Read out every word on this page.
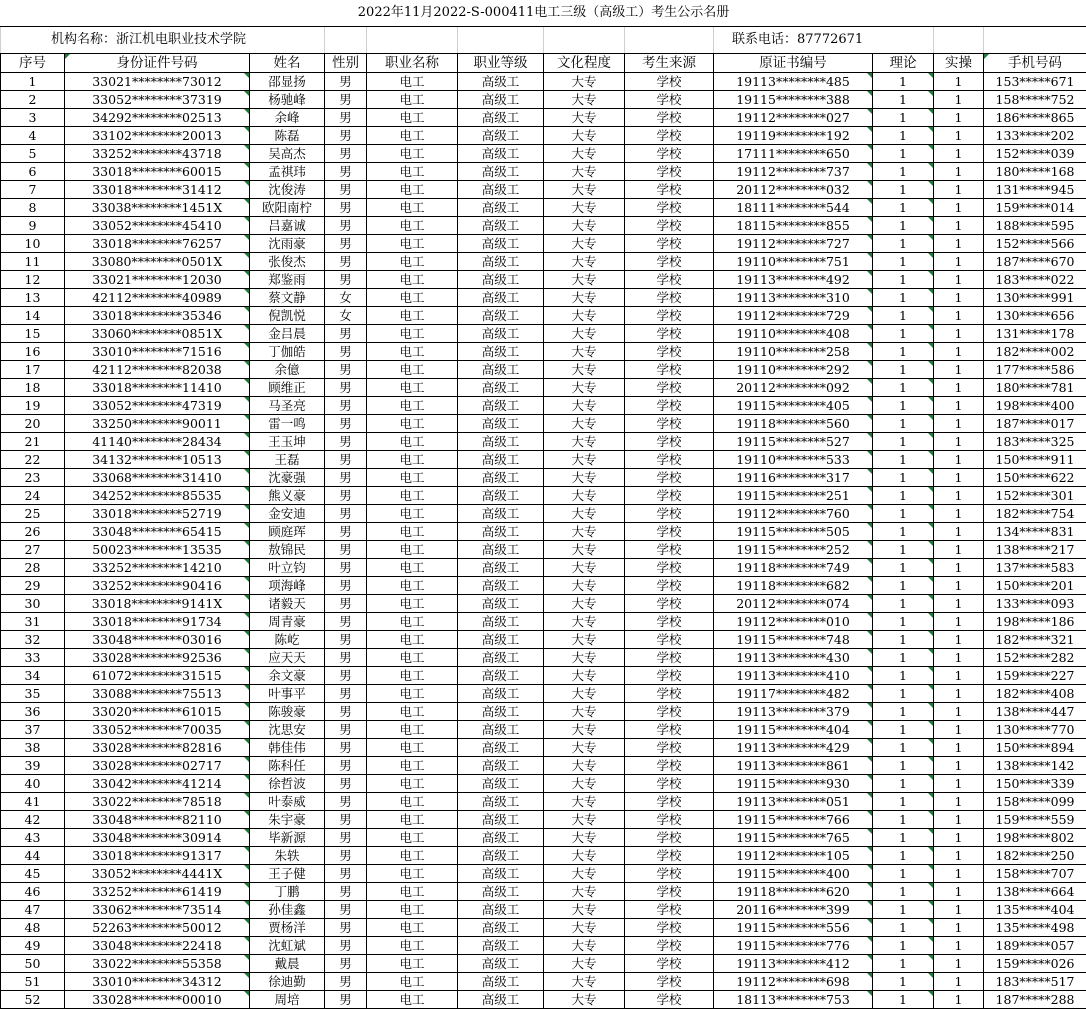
2022年11月2022-S-000411电工三级（高级工）考生公示名册											
机构名称：浙江机电职业技术学院								联系电话：87772671			
序号	身份证件号码	姓名	性别	职业名称	职业等级	文化程度	考生来源	原证书编号	理论	实操	手机号码
1	33021********73012	邵显扬	男	电工	高级工	大专	学校	19113********485	1	1	153*****671
2	33052********37319	杨驰峰	男	电工	高级工	大专	学校	19115********388	1	1	158*****752
3	34292********02513	余峰	男	电工	高级工	大专	学校	19112********027	1	1	186*****865
4	33102********20013	陈磊	男	电工	高级工	大专	学校	19119********192	1	1	133*****202
5	33252********43718	吴高杰	男	电工	高级工	大专	学校	17111********650	1	1	152*****039
6	33018********60015	孟祺玮	男	电工	高级工	大专	学校	19112********737	1	1	180*****168
7	33018********31412	沈俊涛	男	电工	高级工	大专	学校	20112********032	1	1	131*****945
8	33038********1451X	欧阳南柠	男	电工	高级工	大专	学校	18111********544	1	1	159*****014
9	33052********45410	吕嘉诚	男	电工	高级工	大专	学校	18115********855	1	1	188*****595
10	33018********76257	沈雨豪	男	电工	高级工	大专	学校	19112********727	1	1	152*****566
11	33080********0501X	张俊杰	男	电工	高级工	大专	学校	19110********751	1	1	187*****670
12	33021********12030	郑鉴雨	男	电工	高级工	大专	学校	19113********492	1	1	183*****022
13	42112********40989	蔡文静	女	电工	高级工	大专	学校	19113********310	1	1	130*****991
14	33018********35346	倪凯悦	女	电工	高级工	大专	学校	19112********729	1	1	130*****656
15	33060********0851X	金吕晨	男	电工	高级工	大专	学校	19110********408	1	1	131*****178
16	33010********71516	丁伽皓	男	电工	高级工	大专	学校	19110********258	1	1	182*****002
17	42112********82038	余億	男	电工	高级工	大专	学校	19110********292	1	1	177*****586
18	33018********11410	顾维正	男	电工	高级工	大专	学校	20112********092	1	1	180*****781
19	33052********47319	马圣亮	男	电工	高级工	大专	学校	19115********405	1	1	198*****400
20	33250********90011	雷一鸣	男	电工	高级工	大专	学校	19118********560	1	1	187*****017
21	41140********28434	王玉坤	男	电工	高级工	大专	学校	19115********527	1	1	183*****325
22	34132********10513	王磊	男	电工	高级工	大专	学校	19110********533	1	1	150*****911
23	33068********31410	沈豪强	男	电工	高级工	大专	学校	19116********317	1	1	150*****622
24	34252********85535	熊义豪	男	电工	高级工	大专	学校	19115********251	1	1	152*****301
25	33018********52719	金安迪	男	电工	高级工	大专	学校	19112********760	1	1	182*****754
26	33048********65415	顾庭珲	男	电工	高级工	大专	学校	19115********505	1	1	134*****831
27	50023********13535	敖锦民	男	电工	高级工	大专	学校	19115********252	1	1	138*****217
28	33252********14210	叶立钧	男	电工	高级工	大专	学校	19118********749	1	1	137*****583
29	33252********90416	项海峰	男	电工	高级工	大专	学校	19118********682	1	1	150*****201
30	33018********9141X	诸毅天	男	电工	高级工	大专	学校	20112********074	1	1	133*****093
31	33018********91734	周青豪	男	电工	高级工	大专	学校	19112********010	1	1	198*****186
32	33048********03016	陈屹	男	电工	高级工	大专	学校	19115********748	1	1	182*****321
33	33028********92536	应天天	男	电工	高级工	大专	学校	19113********430	1	1	152*****282
34	61072********31515	余文豪	男	电工	高级工	大专	学校	19113********410	1	1	159*****227
35	33088********75513	叶事平	男	电工	高级工	大专	学校	19117********482	1	1	182*****408
36	33020********61015	陈骏豪	男	电工	高级工	大专	学校	19113********379	1	1	138*****447
37	33052********70035	沈思安	男	电工	高级工	大专	学校	19115********404	1	1	130*****770
38	33028********82816	韩佳伟	男	电工	高级工	大专	学校	19113********429	1	1	150*****894
39	33028********02717	陈科任	男	电工	高级工	大专	学校	19113********861	1	1	138*****142
40	33042********41214	徐哲波	男	电工	高级工	大专	学校	19115********930	1	1	150*****339
41	33022********78518	叶泰威	男	电工	高级工	大专	学校	19113********051	1	1	158*****099
42	33048********82110	朱宇豪	男	电工	高级工	大专	学校	19115********766	1	1	159*****559
43	33048********30914	毕新源	男	电工	高级工	大专	学校	19115********765	1	1	198*****802
44	33018********91317	朱轶	男	电工	高级工	大专	学校	19112********105	1	1	182*****250
45	33052********4441X	王子健	男	电工	高级工	大专	学校	19115********400	1	1	158*****707
46	33252********61419	丁鹏	男	电工	高级工	大专	学校	19118********620	1	1	138*****664
47	33062********73514	孙佳鑫	男	电工	高级工	大专	学校	20116********399	1	1	135*****404
48	52263********50012	贾杨洋	男	电工	高级工	大专	学校	19115********556	1	1	135*****498
49	33048********22418	沈虹斌	男	电工	高级工	大专	学校	19115********776	1	1	189*****057
50	33022********55358	戴晨	男	电工	高级工	大专	学校	19113********412	1	1	159*****026
51	33010********34312	徐迪勤	男	电工	高级工	大专	学校	19112********698	1	1	183*****517
52	33028********00010	周培	男	电工	高级工	大专	学校	18113********753	1	1	187*****288
